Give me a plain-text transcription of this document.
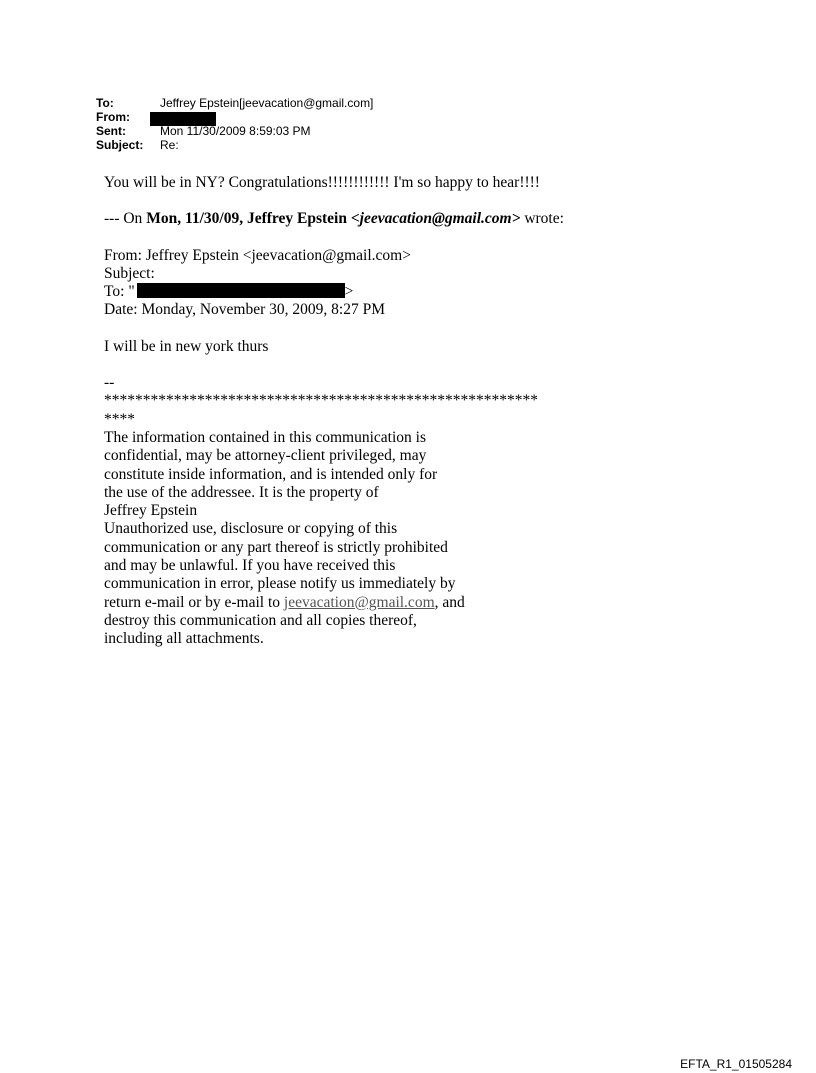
To:	Jeffrey Epstein[jeevacation@gmail.com]
From:
Sent:	Mon 11/30/2009 8:59:03 PM
Subject:	Re:

You will be in NY? Congratulations!!!!!!!!!!!! I'm so happy to hear!!!!

--- On Mon, 11/30/09, Jeffrey Epstein <jeevacation@gmail.com> wrote:

From: Jeffrey Epstein <jeevacation@gmail.com>

Subject:

To: "	>

Date: Monday, November 30, 2009, 8:27 PM

I will be in new york thurs

--

********************************************************

****

The information contained in this communication is

confidential, may be attorney-client privileged, may

constitute inside information, and is intended only for

the use of the addressee. It is the property of

Jeffrey Epstein

Unauthorized use, disclosure or copying of this

communication or any part thereof is strictly prohibited

and may be unlawful. If you have received this

communication in error, please notify us immediately by

return e-mail or by e-mail to jeevacation@gmail.com, and

destroy this communication and all copies thereof,

including all attachments.

EFTA_R1_01505284
